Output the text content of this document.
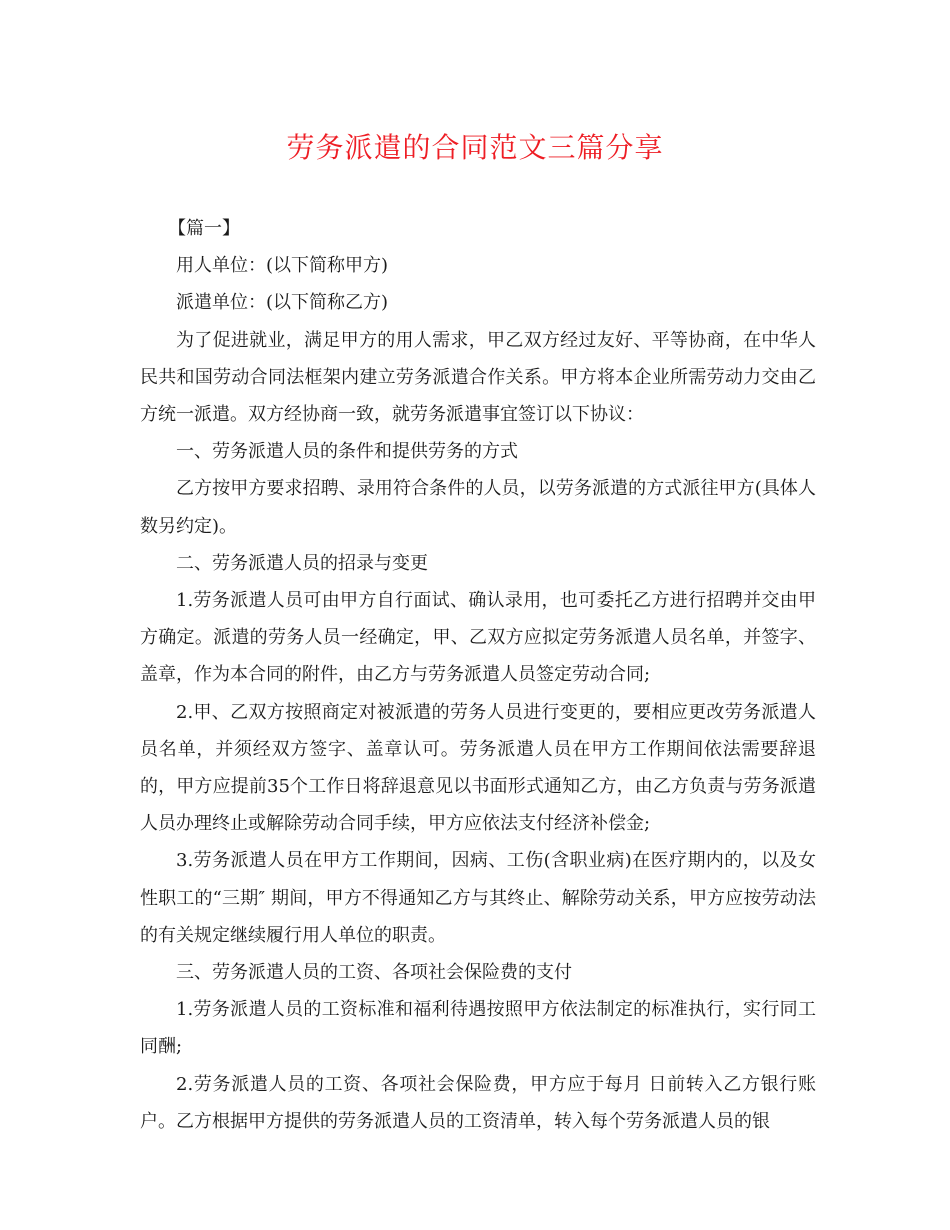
劳务派遣的合同范文三篇分享

【篇一】

用人单位：(以下简称甲方)

派遣单位：(以下简称乙方)

为了促进就业，满足甲方的用人需求，甲乙双方经过友好、平等协商，在中华人民共和国劳动合同法框架内建立劳务派遣合作关系。甲方将本企业所需劳动力交由乙方统一派遣。双方经协商一致，就劳务派遣事宜签订以下协议：

一、劳务派遣人员的条件和提供劳务的方式

乙方按甲方要求招聘、录用符合条件的人员，以劳务派遣的方式派往甲方(具体人数另约定)。

二、劳务派遣人员的招录与变更

1.劳务派遣人员可由甲方自行面试、确认录用，也可委托乙方进行招聘并交由甲方确定。派遣的劳务人员一经确定，甲、乙双方应拟定劳务派遣人员名单，并签字、盖章，作为本合同的附件，由乙方与劳务派遣人员签定劳动合同;

2.甲、乙双方按照商定对被派遣的劳务人员进行变更的，要相应更改劳务派遣人员名单，并须经双方签字、盖章认可。劳务派遣人员在甲方工作期间依法需要辞退的，甲方应提前35个工作日将辞退意见以书面形式通知乙方，由乙方负责与劳务派遣人员办理终止或解除劳动合同手续，甲方应依法支付经济补偿金;

3.劳务派遣人员在甲方工作期间，因病、工伤(含职业病)在医疗期内的，以及女性职工的“三期″ 期间，甲方不得通知乙方与其终止、解除劳动关系，甲方应按劳动法的有关规定继续履行用人单位的职责。

三、劳务派遣人员的工资、各项社会保险费的支付

1.劳务派遣人员的工资标准和福利待遇按照甲方依法制定的标准执行，实行同工同酬;

2.劳务派遣人员的工资、各项社会保险费，甲方应于每月 日前转入乙方银行账户。乙方根据甲方提供的劳务派遣人员的工资清单，转入每个劳务派遣人员的银
